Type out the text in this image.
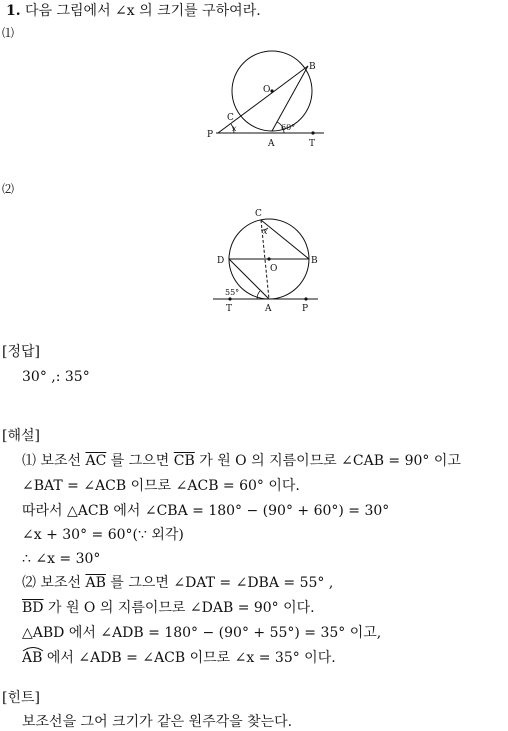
1. 다음 그림에서 ∠x 의 크기를 구하여라.
⑴
B
O
C
x
P
A	T
60°
⑵
C
x
D	B
O
55°
T	A	P
[정답]
30° ,: 35°
[해설]
⑴ 보조선 $\overline{AC}$ 를 그으면 $\overline{CB}$ 가 원 O 의 지름이므로 ∠CAB = 90° 이고
∠BAT = ∠ACB 이므로 ∠ACB = 60° 이다.
따라서 △ACB 에서 ∠CBA = 180° − (90° + 60°) = 30°
∠x + 30° = 60°(∵ 외각)
∴ ∠x = 30°
⑵ 보조선 $\overline{AB}$ 를 그으면 ∠DAT = ∠DBA = 55° ,
$\overline{BD}$ 가 원 O 의 지름이므로 ∠DAB = 90° 이다.
△ABD 에서 ∠ADB = 180° − (90° + 55°) = 35° 이고,
AB 에서 ∠ADB = ∠ACB 이므로 ∠x = 35° 이다.
[힌트]
보조선을 그어 크기가 같은 원주각을 찾는다.
